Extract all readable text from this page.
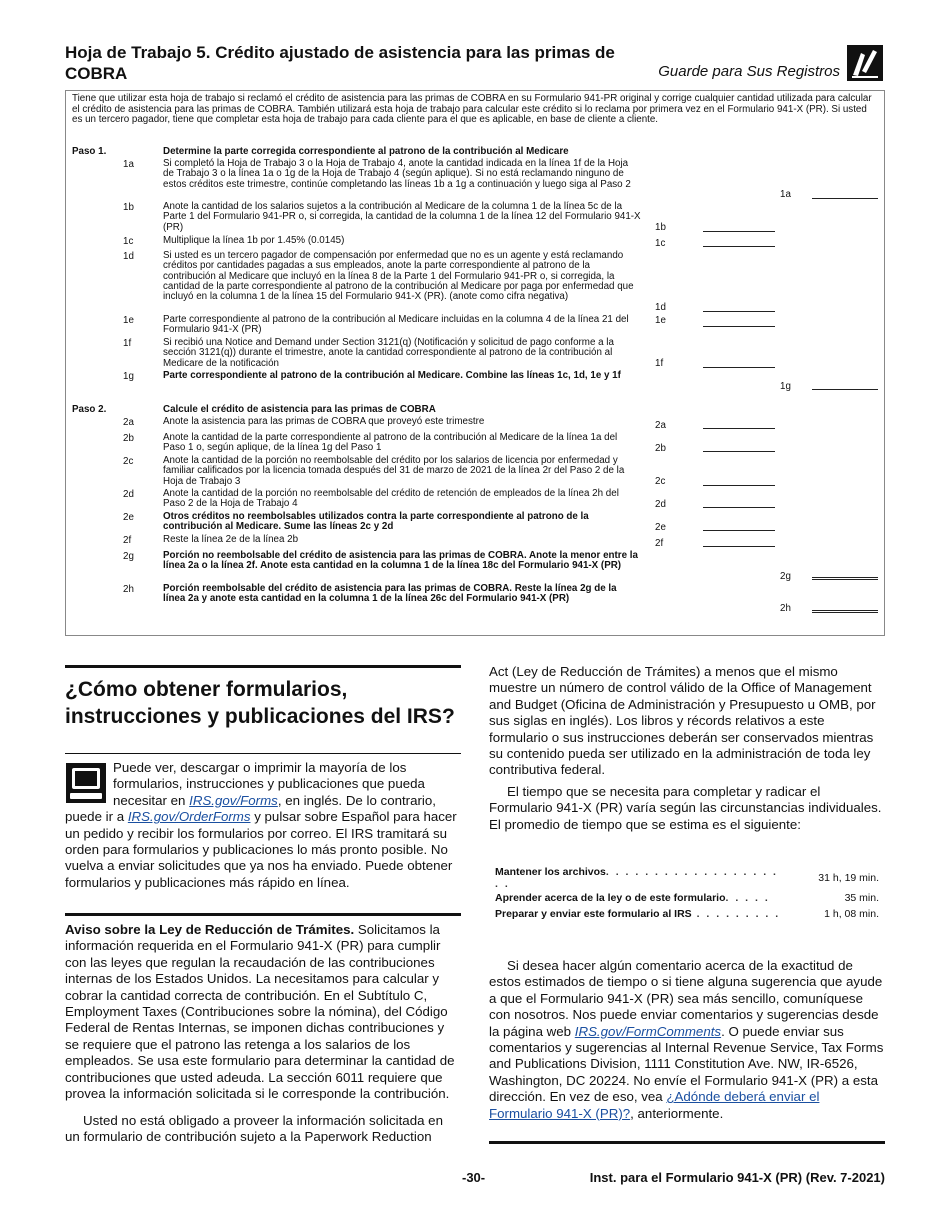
Hoja de Trabajo 5. Crédito ajustado de asistencia para las primas de COBRA	Guarde para Sus Registros
Tiene que utilizar esta hoja de trabajo si reclamó el crédito de asistencia para las primas de COBRA en su Formulario 941-PR original y corrige cualquier cantidad utilizada para calcular el crédito de asistencia para las primas de COBRA. También utilizará esta hoja de trabajo para calcular este crédito si lo reclama por primera vez en el Formulario 941-X (PR). Si usted es un tercero pagador, tiene que completar esta hoja de trabajo para cada cliente para el que es aplicable, en base de cliente a cliente.
Paso 1.	Determine la parte corregida correspondiente al patrono de la contribución al Medicare
1a	Si completó la Hoja de Trabajo 3 o la Hoja de Trabajo 4, anote la cantidad indicada en la línea 1f de la Hoja de Trabajo 3 o la línea 1a o 1g de la Hoja de Trabajo 4 (según aplique). Si no está reclamando ninguno de estos créditos este trimestre, continúe completando las líneas 1b a 1g a continuación y luego siga al Paso 2
1a
1b	Anote la cantidad de los salarios sujetos a la contribución al Medicare de la columna 1 de la línea 5c de la Parte 1 del Formulario 941-PR o, si corregida, la cantidad de la columna 1 de la línea 12 del Formulario 941-X (PR)	1b
1c	Multiplique la línea 1b por 1.45% (0.0145)	1c
1d	Si usted es un tercero pagador de compensación por enfermedad que no es un agente y está reclamando créditos por cantidades pagadas a sus empleados, anote la parte correspondiente al patrono de la contribución al Medicare que incluyó en la línea 8 de la Parte 1 del Formulario 941-PR o, si corregida, la cantidad de la parte correspondiente al patrono de la contribución al Medicare por paga por enfermedad que incluyó en la columna 1 de la línea 15 del Formulario 941-X (PR). (anote como cifra negativa)
1d
1e	Parte correspondiente al patrono de la contribución al Medicare incluidas en la columna 4 de la línea 21 del Formulario 941-X (PR)
1e
1f	Si recibió una Notice and Demand under Section 3121(q) (Notificación y solicitud de pago conforme a la sección 3121(q)) durante el trimestre, anote la cantidad correspondiente al patrono de la contribución al Medicare de la notificación	1f
1g	Parte correspondiente al patrono de la contribución al Medicare. Combine las líneas 1c, 1d, 1e y 1f
1g
Paso 2.	Calcule el crédito de asistencia para las primas de COBRA
2a	Anote la asistencia para las primas de COBRA que proveyó este trimestre	2a
2b	Anote la cantidad de la parte correspondiente al patrono de la contribución al Medicare de la línea 1a del Paso 1 o, según aplique, de la línea 1g del Paso 1	2b
2c	Anote la cantidad de la porción no reembolsable del crédito por los salarios de licencia por enfermedad y familiar calificados por la licencia tomada después del 31 de marzo de 2021 de la línea 2r del Paso 2 de la Hoja de Trabajo 3	2c
2d	Anote la cantidad de la porción no reembolsable del crédito de retención de empleados de la línea 2h del Paso 2 de la Hoja de Trabajo 4	2d
2e	Otros créditos no reembolsables utilizados contra la parte correspondiente al patrono de la contribución al Medicare. Sume las líneas 2c y 2d	2e
2f	Reste la línea 2e de la línea 2b	2f
2g	Porción no reembolsable del crédito de asistencia para las primas de COBRA. Anote la menor entre la línea 2a o la línea 2f. Anote esta cantidad en la columna 1 de la línea 18c del Formulario 941-X (PR)
2g
2h	Porción reembolsable del crédito de asistencia para las primas de COBRA. Reste la línea 2g de la línea 2a y anote esta cantidad en la columna 1 de la línea 26c del Formulario 941-X (PR)
2h
¿Cómo obtener formularios, instrucciones y publicaciones del IRS?
Puede ver, descargar o imprimir la mayoría de los formularios, instrucciones y publicaciones que pueda necesitar en IRS.gov/Forms, en inglés. De lo contrario, puede ir a IRS.gov/OrderForms y pulsar sobre Español para hacer un pedido y recibir los formularios por correo. El IRS tramitará su orden para formularios y publicaciones lo más pronto posible. No vuelva a enviar solicitudes que ya nos ha enviado. Puede obtener formularios y publicaciones más rápido en línea.
Aviso sobre la Ley de Reducción de Trámites. Solicitamos la información requerida en el Formulario 941-X (PR) para cumplir con las leyes que regulan la recaudación de las contribuciones internas de los Estados Unidos. La necesitamos para calcular y cobrar la cantidad correcta de contribución. En el Subtítulo C, Employment Taxes (Contribuciones sobre la nómina), del Código Federal de Rentas Internas, se imponen dichas contribuciones y se requiere que el patrono las retenga a los salarios de los empleados. Se usa este formulario para determinar la cantidad de contribuciones que usted adeuda. La sección 6011 requiere que provea la información solicitada si le corresponde la contribución.
Usted no está obligado a proveer la información solicitada en un formulario de contribución sujeto a la Paperwork Reduction
Act (Ley de Reducción de Trámites) a menos que el mismo muestre un número de control válido de la Office of Management and Budget (Oficina de Administración y Presupuesto u OMB, por sus siglas en inglés). Los libros y récords relativos a este formulario o sus instrucciones deberán ser conservados mientras su contenido pueda ser utilizado en la administración de toda ley contributiva federal.
El tiempo que se necesita para completar y radicar el Formulario 941-X (PR) varía según las circunstancias individuales. El promedio de tiempo que se estima es el siguiente:
Mantener los archivos. . . . . . . . . . . . . . . . . . . .	31 h, 19 min.
Aprender acerca de la ley o de este formulario. . . . .	35 min.
Preparar y enviar este formulario al IRS . . . . . . . . .	1 h, 08 min.
Si desea hacer algún comentario acerca de la exactitud de estos estimados de tiempo o si tiene alguna sugerencia que ayude a que el Formulario 941-X (PR) sea más sencillo, comuníquese con nosotros. Nos puede enviar comentarios y sugerencias desde la página web IRS.gov/FormComments. O puede enviar sus comentarios y sugerencias al Internal Revenue Service, Tax Forms and Publications Division, 1111 Constitution Ave. NW, IR-6526, Washington, DC 20224. No envíe el Formulario 941-X (PR) a esta dirección. En vez de eso, vea ¿Adónde deberá enviar el Formulario 941-X (PR)?, anteriormente.
-30-	Inst. para el Formulario 941-X (PR) (Rev. 7-2021)
